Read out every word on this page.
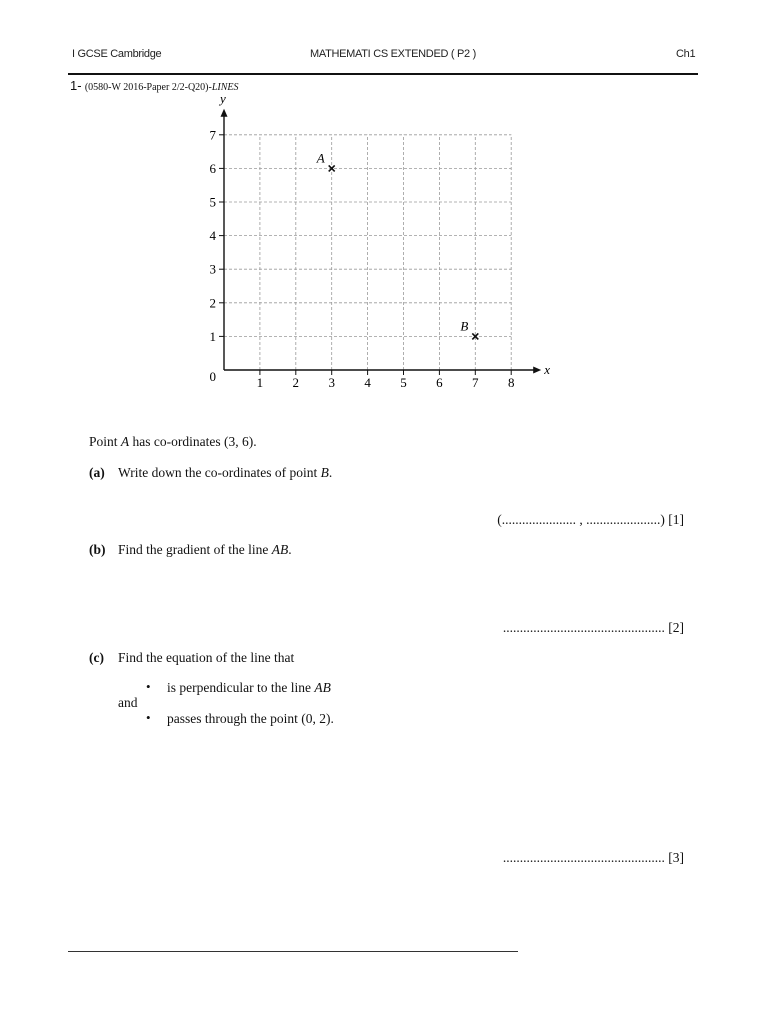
I GCSE Cambridge	MATHEMATI CS EXTENDED ( P2 )	Ch1
1- (0580-W 2016-Paper 2/2-Q20)-LINES
x
y
1 2 3 4 5 6 7 8
1
2
3
4
5
6
7
0
A
B
Point A has co-ordinates (3, 6).
(a) Write down the co-ordinates of point B.
(...................... , ......................) [1]
(b) Find the gradient of the line AB.
................................................ [2]
(c) Find the equation of the line that
• is perpendicular to the line AB
and
• passes through the point (0, 2).
................................................ [3]
